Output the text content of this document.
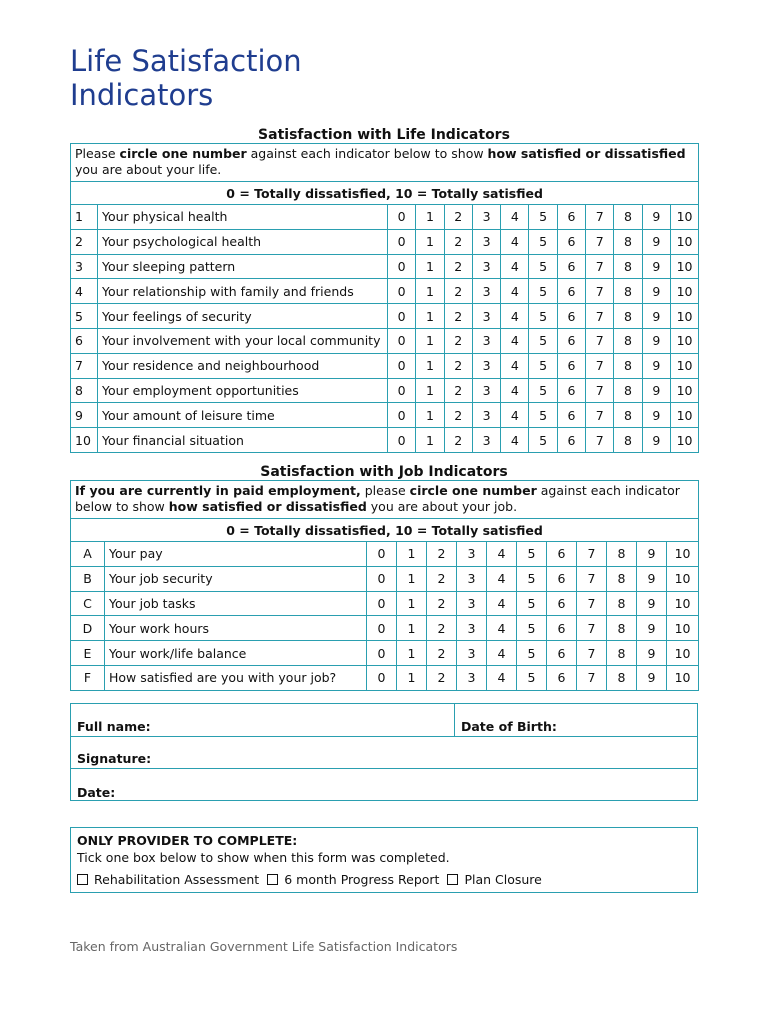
Life Satisfaction
Indicators
Satisfaction with Life Indicators
Please circle one number against each indicator below to show how satisfied or dissatisfied you are about your life.												
0 = Totally dissatisfied, 10 = Totally satisfied												
1	Your physical health	0	1	2	3	4	5	6	7	8	9	10
2	Your psychological health	0	1	2	3	4	5	6	7	8	9	10
3	Your sleeping pattern	0	1	2	3	4	5	6	7	8	9	10
4	Your relationship with family and friends	0	1	2	3	4	5	6	7	8	9	10
5	Your feelings of security	0	1	2	3	4	5	6	7	8	9	10
6	Your involvement with your local community	0	1	2	3	4	5	6	7	8	9	10
7	Your residence and neighbourhood	0	1	2	3	4	5	6	7	8	9	10
8	Your employment opportunities	0	1	2	3	4	5	6	7	8	9	10
9	Your amount of leisure time	0	1	2	3	4	5	6	7	8	9	10
10	Your financial situation	0	1	2	3	4	5	6	7	8	9	10
Satisfaction with Job Indicators
If you are currently in paid employment, please circle one number against each indicator below to show how satisfied or dissatisfied you are about your job.												
0 = Totally dissatisfied, 10 = Totally satisfied												
A	Your pay	0	1	2	3	4	5	6	7	8	9	10
B	Your job security	0	1	2	3	4	5	6	7	8	9	10
C	Your job tasks	0	1	2	3	4	5	6	7	8	9	10
D	Your work hours	0	1	2	3	4	5	6	7	8	9	10
E	Your work/life balance	0	1	2	3	4	5	6	7	8	9	10
F	How satisfied are you with your job?	0	1	2	3	4	5	6	7	8	9	10
Full name:	Date of Birth:
Signature:
Date:
ONLY PROVIDER TO COMPLETE:
Tick one box below to show when this form was completed.
Rehabilitation Assessment 6 month Progress Report Plan Closure
Taken from Australian Government Life Satisfaction Indicators
